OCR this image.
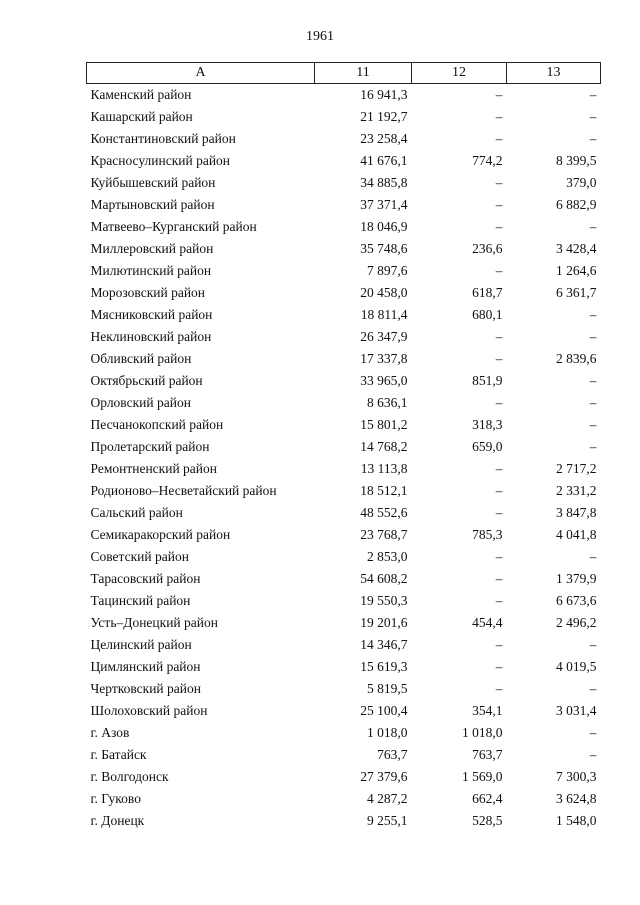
1961
А	11	12	13
Каменский район	16 941,3	–	–
Кашарский район	21 192,7	–	–
Константиновский район	23 258,4	–	–
Красносулинский район	41 676,1	774,2	8 399,5
Куйбышевский район	34 885,8	–	379,0
Мартыновский район	37 371,4	–	6 882,9
Матвеево–Курганский район	18 046,9	–	–
Миллеровский район	35 748,6	236,6	3 428,4
Милютинский район	7 897,6	–	1 264,6
Морозовский район	20 458,0	618,7	6 361,7
Мясниковский район	18 811,4	680,1	–
Неклиновский район	26 347,9	–	–
Обливский район	17 337,8	–	2 839,6
Октябрьский район	33 965,0	851,9	–
Орловский район	8 636,1	–	–
Песчанокопский район	15 801,2	318,3	–
Пролетарский район	14 768,2	659,0	–
Ремонтненский район	13 113,8	–	2 717,2
Родионово–Несветайский район	18 512,1	–	2 331,2
Сальский район	48 552,6	–	3 847,8
Семикаракорский район	23 768,7	785,3	4 041,8
Советский район	2 853,0	–	–
Тарасовский район	54 608,2	–	1 379,9
Тацинский район	19 550,3	–	6 673,6
Усть–Донецкий район	19 201,6	454,4	2 496,2
Целинский район	14 346,7	–	–
Цимлянский район	15 619,3	–	4 019,5
Чертковский район	5 819,5	–	–
Шолоховский район	25 100,4	354,1	3 031,4
г. Азов	1 018,0	1 018,0	–
г. Батайск	763,7	763,7	–
г. Волгодонск	27 379,6	1 569,0	7 300,3
г. Гуково	4 287,2	662,4	3 624,8
г. Донецк	9 255,1	528,5	1 548,0
